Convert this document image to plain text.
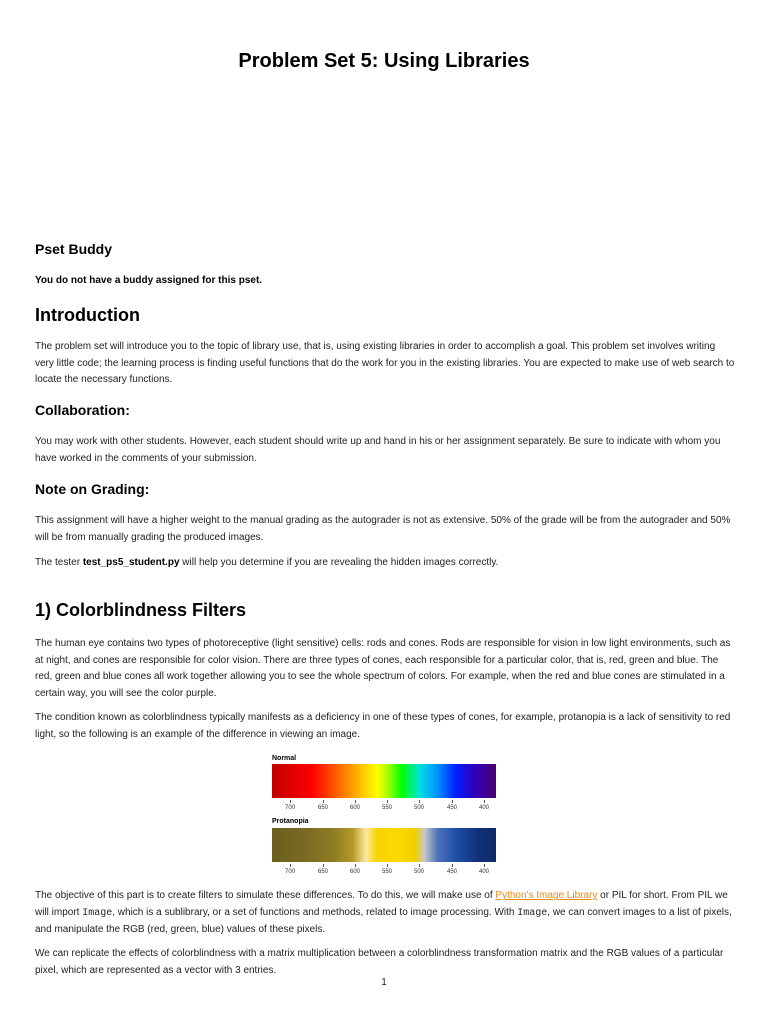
Problem Set 5: Using Libraries
Pset Buddy
You do not have a buddy assigned for this pset.
Introduction
The problem set will introduce you to the topic of library use, that is, using existing libraries in order to accomplish a goal. This problem set involves writing very little code; the learning process is finding useful functions that do the work for you in the existing libraries. You are expected to make use of web search to locate the necessary functions.
Collaboration:
You may work with other students. However, each student should write up and hand in his or her assignment separately. Be sure to indicate with whom you have worked in the comments of your submission.
Note on Grading:
This assignment will have a higher weight to the manual grading as the autograder is not as extensive. 50% of the grade will be from the autograder and 50% will be from manually grading the produced images.
The tester test_ps5_student.py will help you determine if you are revealing the hidden images correctly.
1) Colorblindness Filters
The human eye contains two types of photoreceptive (light sensitive) cells: rods and cones. Rods are responsible for vision in low light environments, such as at night, and cones are responsible for color vision. There are three types of cones, each responsible for a particular color, that is, red, green and blue. The red, green and blue cones all work together allowing you to see the whole spectrum of colors. For example, when the red and blue cones are stimulated in a certain way, you will see the color purple.
The condition known as colorblindness typically manifests as a deficiency in one of these types of cones, for example, protanopia is a lack of sensitivity to red light, so the following is an example of the difference in viewing an image.
Normal
700	650	600	550	500	450	400
Protanopia
700	650	600	550	500	450	400
The objective of this part is to create filters to simulate these differences. To do this, we will make use of Python's Image Library or PIL for short. From PIL we will import Image, which is a sublibrary, or a set of functions and methods, related to image processing. With Image, we can convert images to a list of pixels, and manipulate the RGB (red, green, blue) values of these pixels.
We can replicate the effects of colorblindness with a matrix multiplication between a colorblindness transformation matrix and the RGB values of a particular pixel, which are represented as a vector with 3 entries.
1
